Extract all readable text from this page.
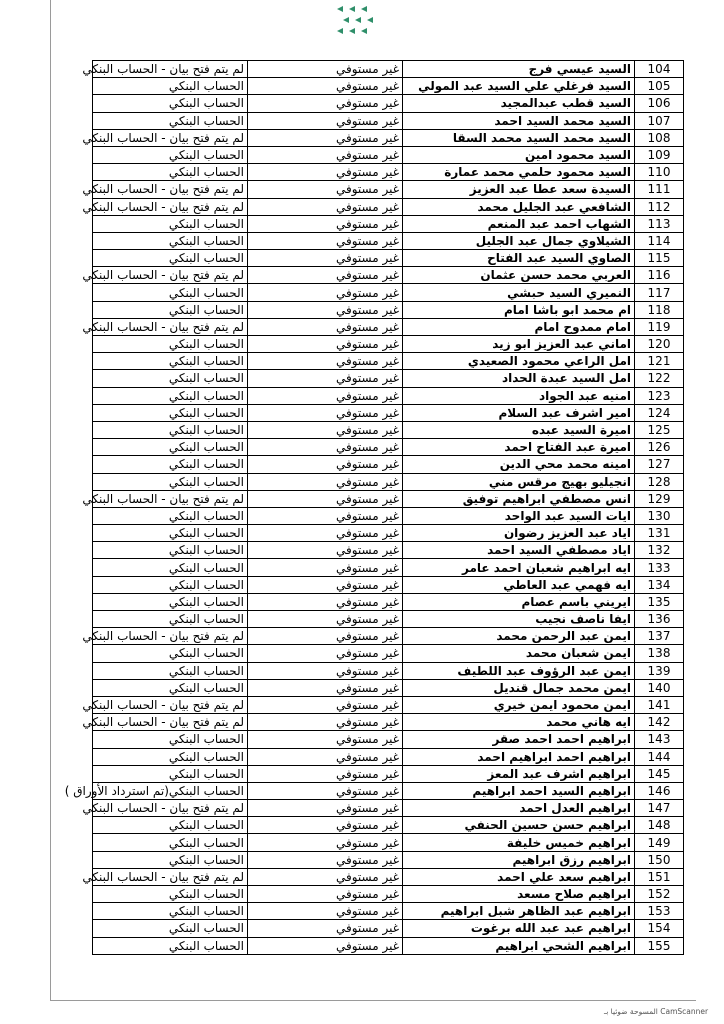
104	السيد عيسي فرج	غير مستوفي	لم يتم فتح بيان - الحساب البنكي
105	السيد فرغلي علي السيد عبد المولي	غير مستوفي	الحساب البنكي
106	السيد قطب عبدالمجيد	غير مستوفي	الحساب البنكي
107	السيد محمد السيد احمد	غير مستوفي	الحساب البنكي
108	السيد محمد السيد محمد السقا	غير مستوفي	لم يتم فتح بيان - الحساب البنكي
109	السيد محمود امين	غير مستوفي	الحساب البنكي
110	السيد محمود حلمي محمد عمارة	غير مستوفي	الحساب البنكي
111	السيدة سعد عطا عبد العزيز	غير مستوفي	لم يتم فتح بيان - الحساب البنكي
112	الشافعي عبد الجليل محمد	غير مستوفي	لم يتم فتح بيان - الحساب البنكي
113	الشهاب احمد عبد المنعم	غير مستوفي	الحساب البنكي
114	الشيلاوي جمال عبد الجليل	غير مستوفي	الحساب البنكي
115	الصاوي السيد عبد الفتاح	غير مستوفي	الحساب البنكي
116	العربي محمد حسن عثمان	غير مستوفي	لم يتم فتح بيان - الحساب البنكي
117	النميري السيد حبشي	غير مستوفي	الحساب البنكي
118	ام محمد ابو باشا امام	غير مستوفي	الحساب البنكي
119	امام ممدوح امام	غير مستوفي	لم يتم فتح بيان - الحساب البنكي
120	اماني عبد العزيز ابو زيد	غير مستوفي	الحساب البنكي
121	امل الراعي محمود الصعيدي	غير مستوفي	الحساب البنكي
122	امل السيد عبدة الحداد	غير مستوفي	الحساب البنكي
123	امنيه عبد الجواد	غير مستوفي	الحساب البنكي
124	امير اشرف عبد السلام	غير مستوفي	الحساب البنكي
125	اميرة السيد عبده	غير مستوفي	الحساب البنكي
126	اميرة عبد الفتاح احمد	غير مستوفي	الحساب البنكي
127	امينه محمد محي الدين	غير مستوفي	الحساب البنكي
128	انجيليو بهيج مرقس مني	غير مستوفي	الحساب البنكي
129	انس مصطفي ابراهيم توفيق	غير مستوفي	لم يتم فتح بيان - الحساب البنكي
130	ايات السيد عبد الواحد	غير مستوفي	الحساب البنكي
131	اياد عبد العزيز رضوان	غير مستوفي	الحساب البنكي
132	اياد مصطفي السيد احمد	غير مستوفي	الحساب البنكي
133	ايه ابراهيم شعبان احمد عامر	غير مستوفي	الحساب البنكي
134	ايه فهمي عبد العاطي	غير مستوفي	الحساب البنكي
135	ايريني باسم عصام	غير مستوفي	الحساب البنكي
136	ايفا ناصف نجيب	غير مستوفي	الحساب البنكي
137	ايمن عبد الرحمن محمد	غير مستوفي	لم يتم فتح بيان - الحساب البنكي
138	ايمن شعبان محمد	غير مستوفي	الحساب البنكي
139	ايمن عبد الرؤوف عبد اللطيف	غير مستوفي	الحساب البنكي
140	ايمن محمد جمال قنديل	غير مستوفي	الحساب البنكي
141	ايمن محمود ايمن خيري	غير مستوفي	لم يتم فتح بيان - الحساب البنكي
142	ايه هاني محمد	غير مستوفي	لم يتم فتح بيان - الحساب البنكي
143	ابراهيم احمد احمد صقر	غير مستوفي	الحساب البنكي
144	ابراهيم احمد ابراهيم احمد	غير مستوفي	الحساب البنكي
145	ابراهيم اشرف عبد المعز	غير مستوفي	الحساب البنكي
146	ابراهيم السيد احمد ابراهيم	غير مستوفي	الحساب البنكي(تم استرداد الأوراق )
147	ابراهيم العدل احمد	غير مستوفي	لم يتم فتح بيان - الحساب البنكي
148	ابراهيم حسن حسين الحنفي	غير مستوفي	الحساب البنكي
149	ابراهيم خميس خليفة	غير مستوفي	الحساب البنكي
150	ابراهيم رزق ابراهيم	غير مستوفي	الحساب البنكي
151	ابراهيم سعد علي احمد	غير مستوفي	لم يتم فتح بيان - الحساب البنكي
152	ابراهيم صلاح مسعد	غير مستوفي	الحساب البنكي
153	ابراهيم عبد الظاهر شبل ابراهيم	غير مستوفي	الحساب البنكي
154	ابراهيم عبد عبد الله برغوت	غير مستوفي	الحساب البنكي
155	ابراهيم الشحي ابراهيم	غير مستوفي	الحساب البنكي
CamScanner المسوحة ضوئيا بـ
